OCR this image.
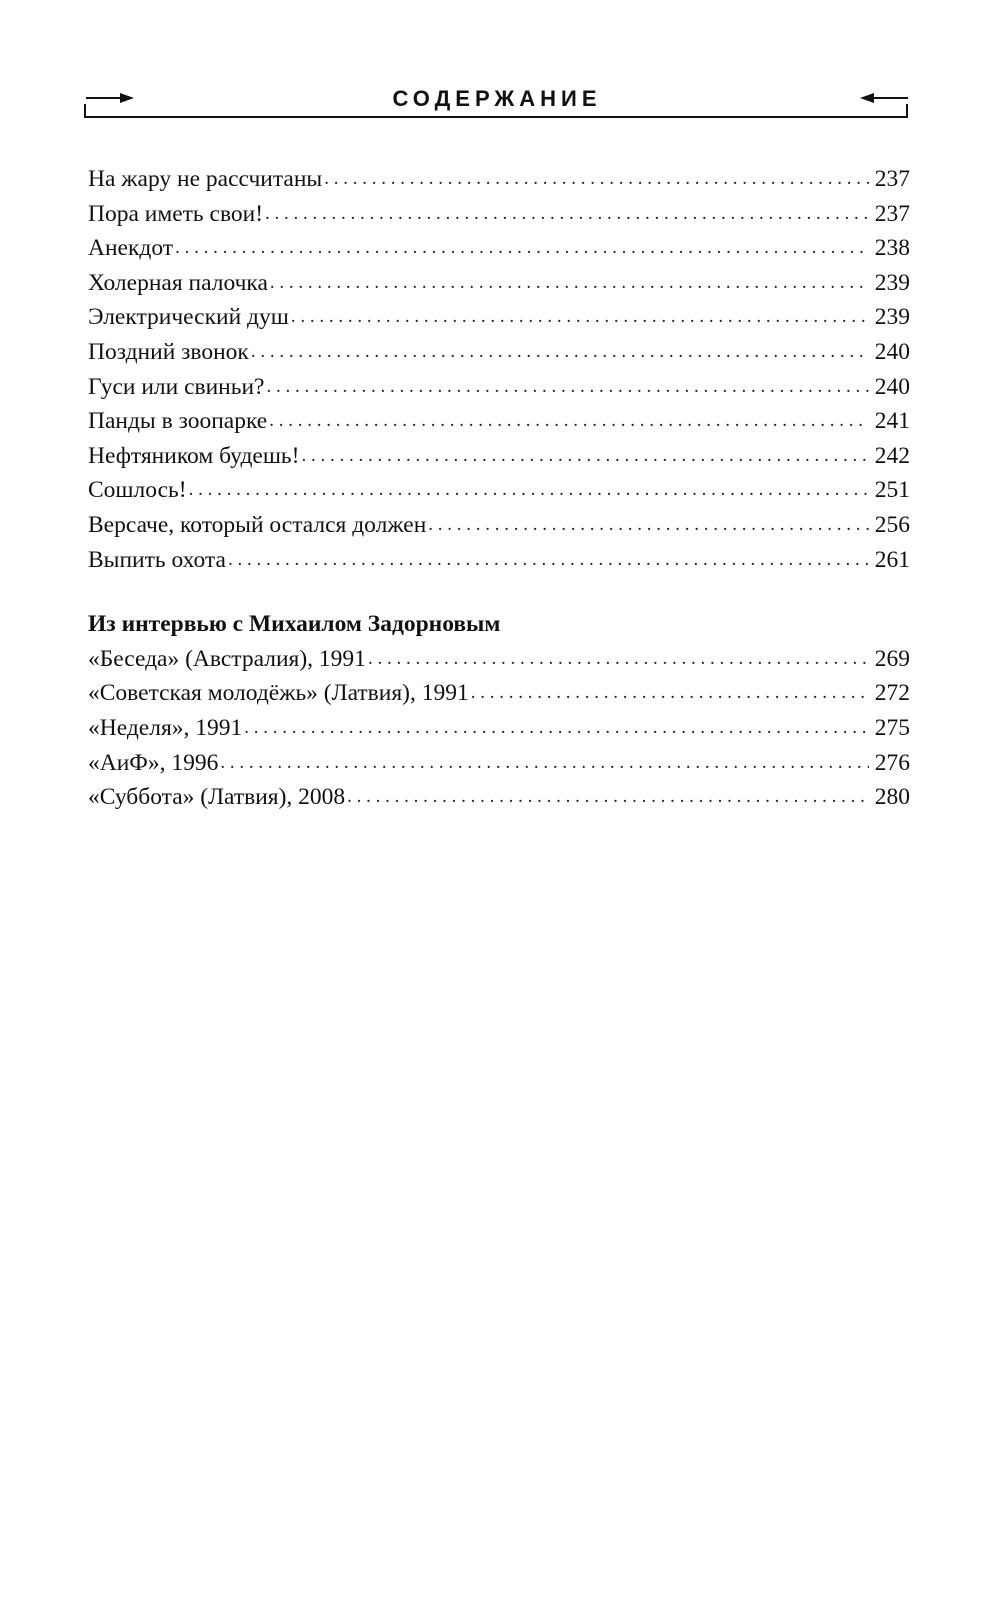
СОДЕРЖАНИЕ
На жару не рассчитаны . . .	237
Пора иметь свои! . . .	237
Анекдот . . .	238
Холерная палочка . . .	239
Электрический душ . . .	239
Поздний звонок . . .	240
Гуси или свиньи? . . .	240
Панды в зоопарке . . .	241
Нефтяником будешь! . . .	242
Сошлось! . . .	251
Версаче, который остался должен . . .	256
Выпить охота . . .	261
Из интервью с Михаилом Задорновым
«Беседа» (Австралия), 1991 . . .	269
«Советская молодёжь» (Латвия), 1991 . . .	272
«Неделя», 1991 . . .	275
«АиФ», 1996 . . .	276
«Суббота» (Латвия), 2008 . . .	280
